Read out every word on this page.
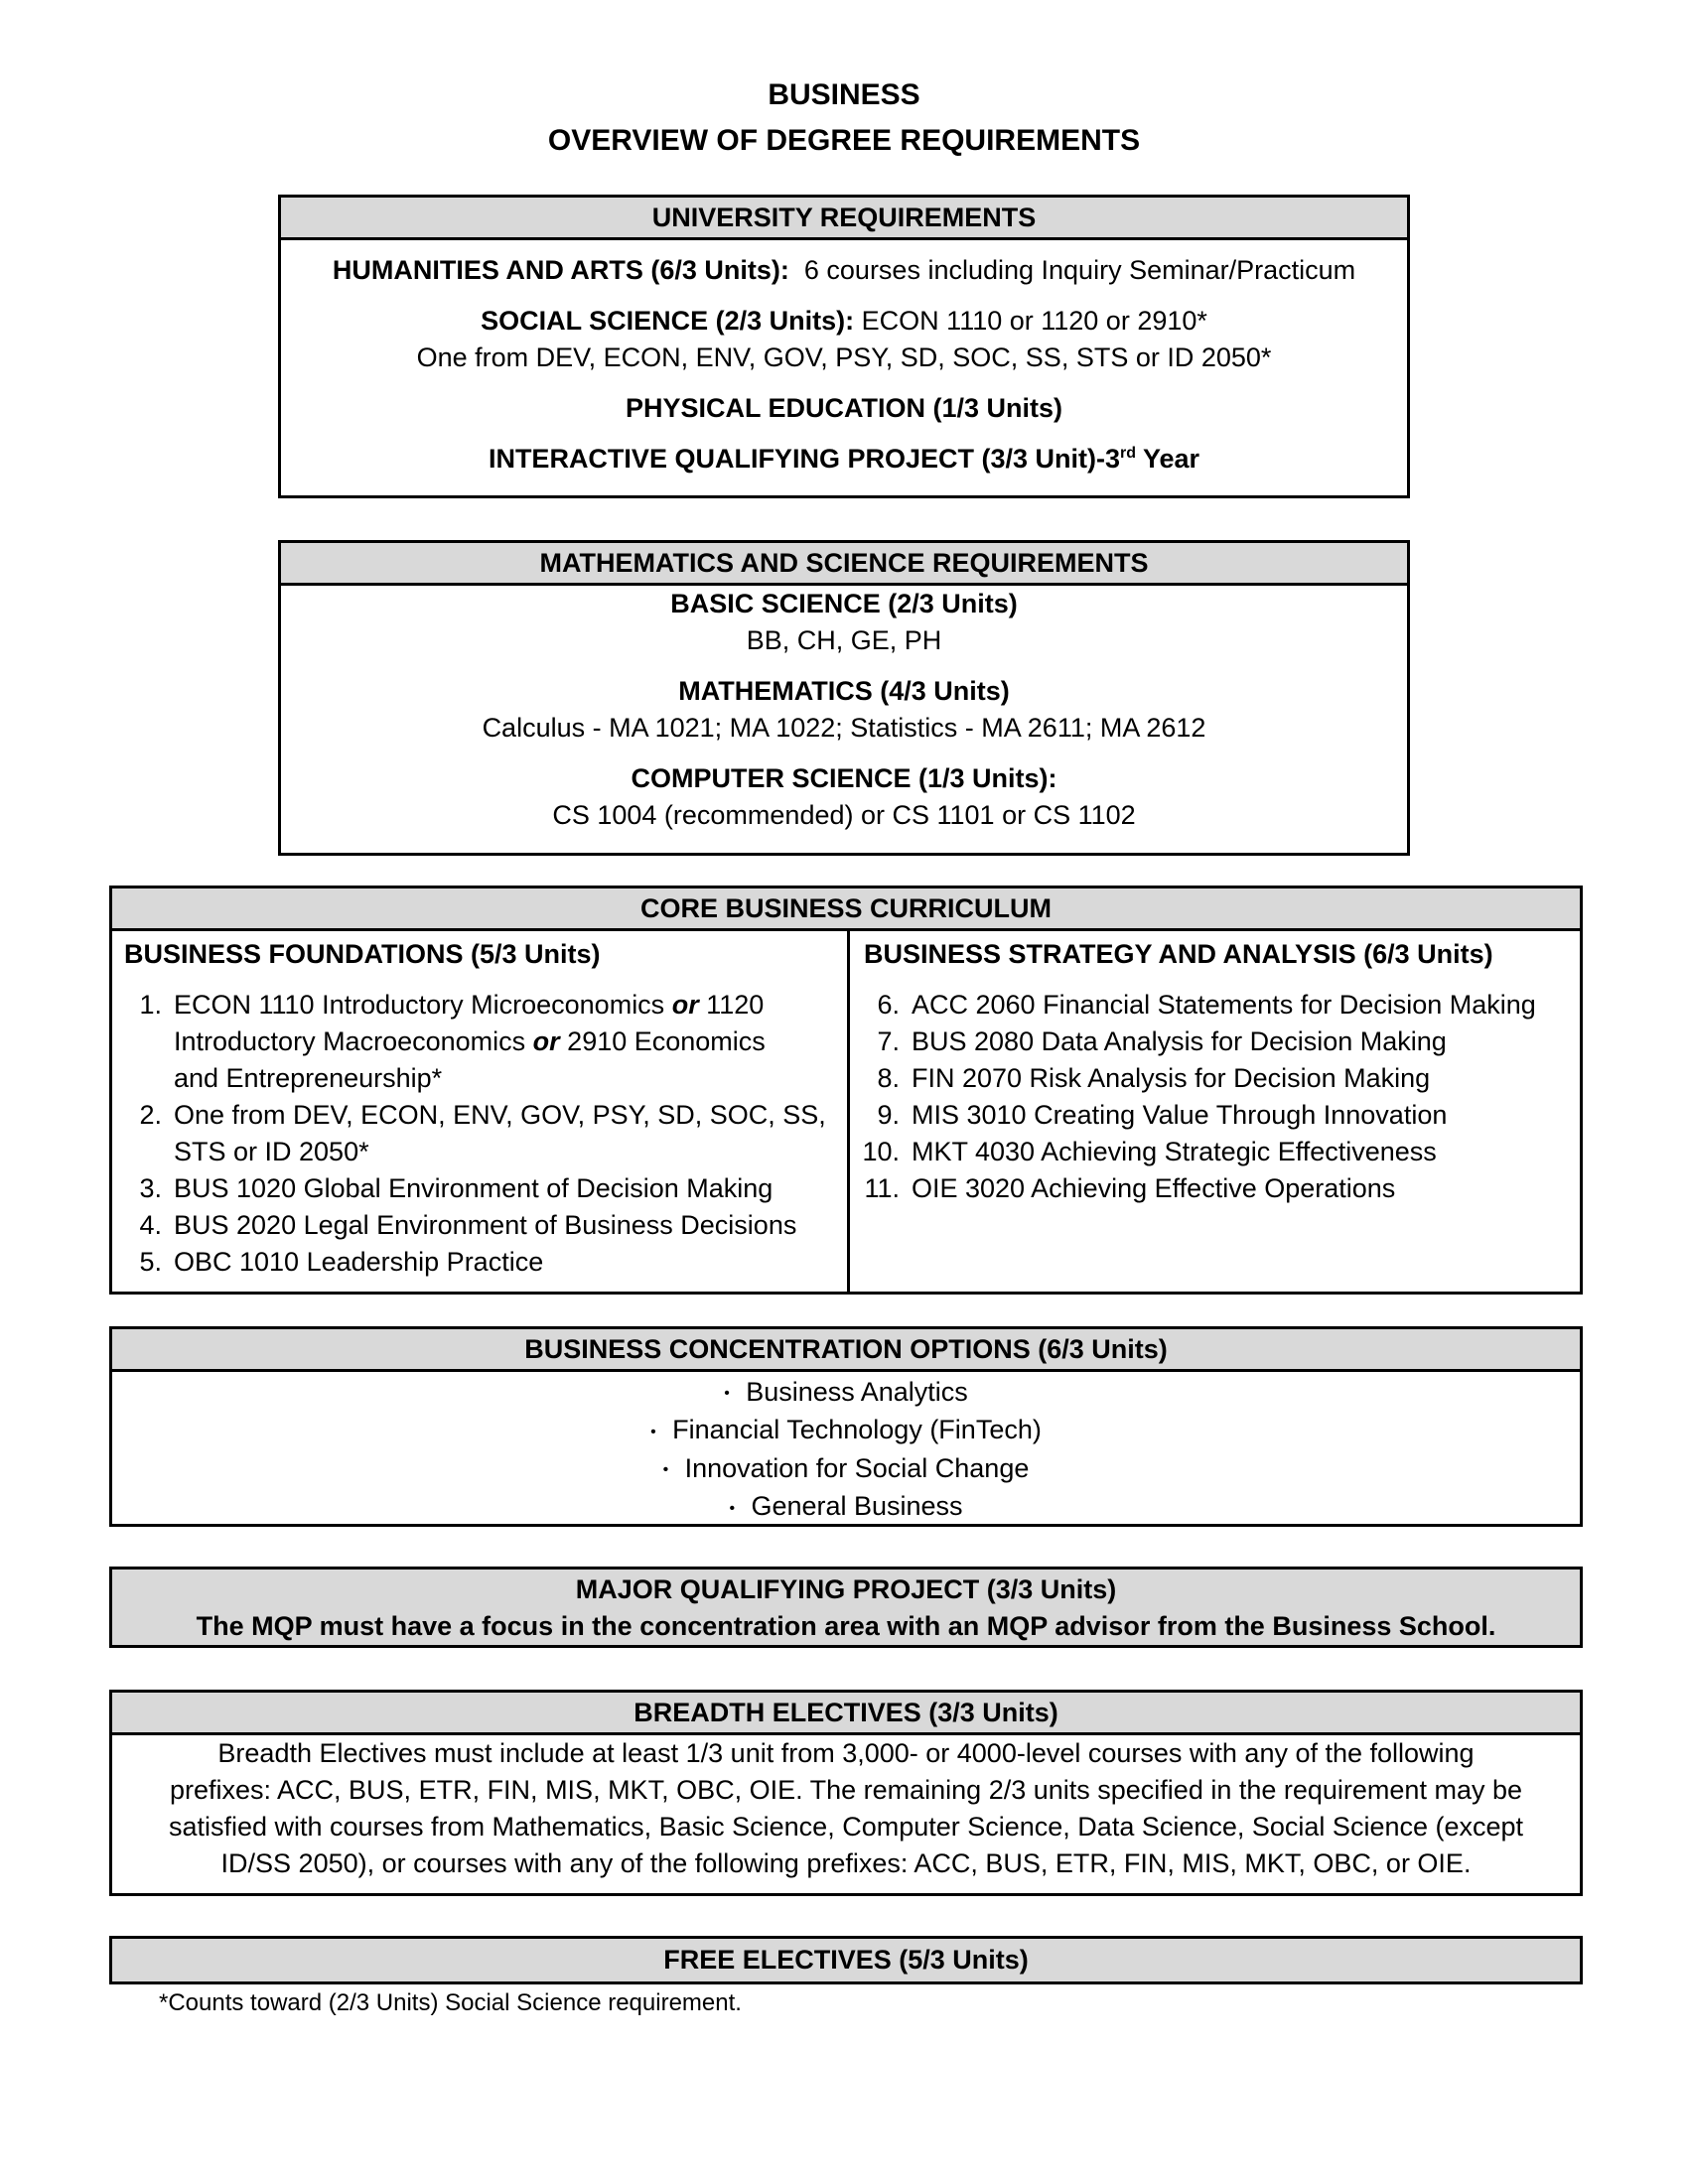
BUSINESS
OVERVIEW OF DEGREE REQUIREMENTS
UNIVERSITY REQUIREMENTS
HUMANITIES AND ARTS (6/3 Units): 6 courses including Inquiry Seminar/Practicum
SOCIAL SCIENCE (2/3 Units): ECON 1110 or 1120 or 2910*
One from DEV, ECON, ENV, GOV, PSY, SD, SOC, SS, STS or ID 2050*
PHYSICAL EDUCATION (1/3 Units)
INTERACTIVE QUALIFYING PROJECT (3/3 Unit)-3rd Year
MATHEMATICS AND SCIENCE REQUIREMENTS
BASIC SCIENCE (2/3 Units)
BB, CH, GE, PH
MATHEMATICS (4/3 Units)
Calculus - MA 1021; MA 1022; Statistics - MA 2611; MA 2612
COMPUTER SCIENCE (1/3 Units):
CS 1004 (recommended) or CS 1101 or CS 1102
CORE BUSINESS CURRICULUM
BUSINESS FOUNDATIONS (5/3 Units)
1. ECON 1110 Introductory Microeconomics or 1120
Introductory Macroeconomics or 2910 Economics
and Entrepreneurship*
2. One from DEV, ECON, ENV, GOV, PSY, SD, SOC, SS,
STS or ID 2050*
3. BUS 1020 Global Environment of Decision Making
4. BUS 2020 Legal Environment of Business Decisions
5. OBC 1010 Leadership Practice
BUSINESS STRATEGY AND ANALYSIS (6/3 Units)
6. ACC 2060 Financial Statements for Decision Making
7. BUS 2080 Data Analysis for Decision Making
8. FIN 2070 Risk Analysis for Decision Making
9. MIS 3010 Creating Value Through Innovation
10. MKT 4030 Achieving Strategic Effectiveness
11. OIE 3020 Achieving Effective Operations
BUSINESS CONCENTRATION OPTIONS (6/3 Units)
• Business Analytics
• Financial Technology (FinTech)
• Innovation for Social Change
• General Business
MAJOR QUALIFYING PROJECT (3/3 Units)
The MQP must have a focus in the concentration area with an MQP advisor from the Business School.
BREADTH ELECTIVES (3/3 Units)
Breadth Electives must include at least 1/3 unit from 3,000- or 4000-level courses with any of the following
prefixes: ACC, BUS, ETR, FIN, MIS, MKT, OBC, OIE. The remaining 2/3 units specified in the requirement may be
satisfied with courses from Mathematics, Basic Science, Computer Science, Data Science, Social Science (except
ID/SS 2050), or courses with any of the following prefixes: ACC, BUS, ETR, FIN, MIS, MKT, OBC, or OIE.
FREE ELECTIVES (5/3 Units)
*Counts toward (2/3 Units) Social Science requirement.
